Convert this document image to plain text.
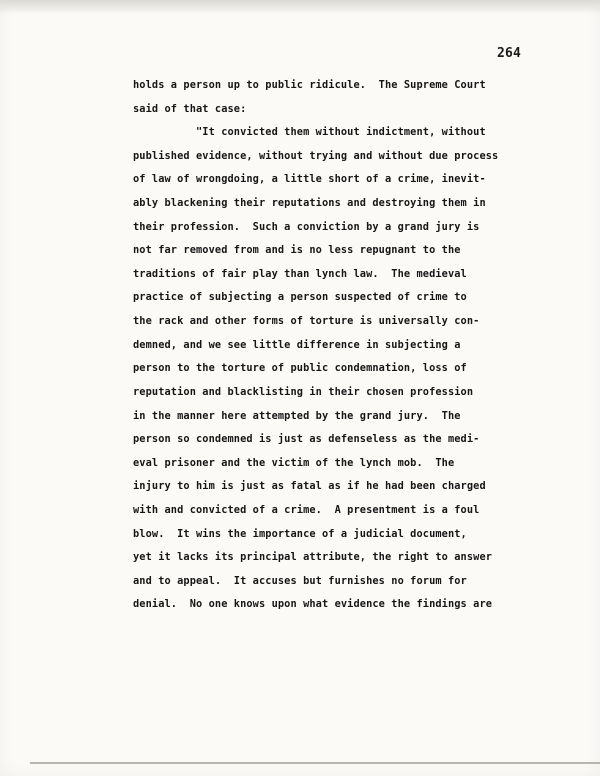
264
holds a person up to public ridicule.  The Supreme Court
said of that case:
"It convicted them without indictment, without
published evidence, without trying and without due process
of law of wrongdoing, a little short of a crime, inevit-
ably blackening their reputations and destroying them in
their profession.  Such a conviction by a grand jury is
not far removed from and is no less repugnant to the
traditions of fair play than lynch law.  The medieval
practice of subjecting a person suspected of crime to
the rack and other forms of torture is universally con-
demned, and we see little difference in subjecting a
person to the torture of public condemnation, loss of
reputation and blacklisting in their chosen profession
in the manner here attempted by the grand jury.  The
person so condemned is just as defenseless as the medi-
eval prisoner and the victim of the lynch mob.  The
injury to him is just as fatal as if he had been charged
with and convicted of a crime.  A presentment is a foul
blow.  It wins the importance of a judicial document,
yet it lacks its principal attribute, the right to answer
and to appeal.  It accuses but furnishes no forum for
denial.  No one knows upon what evidence the findings are
